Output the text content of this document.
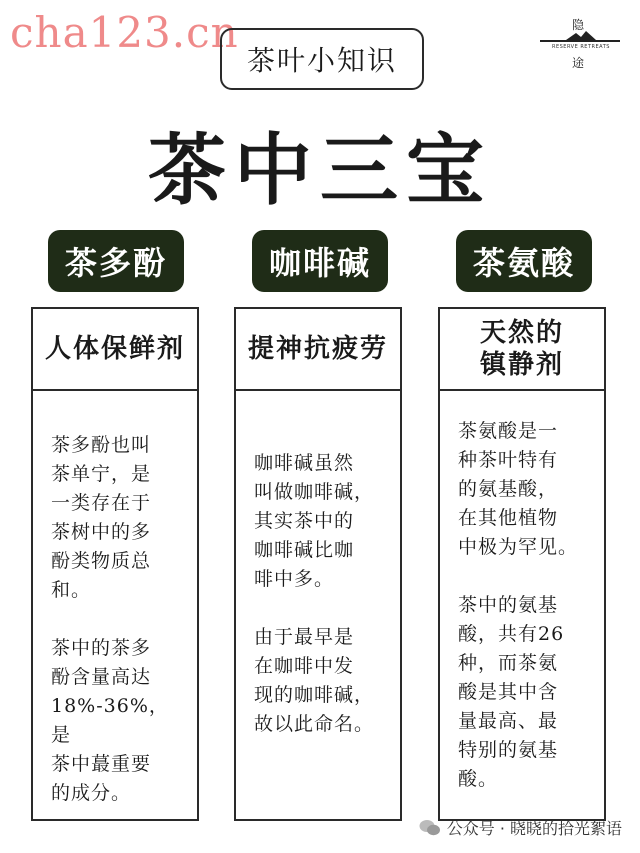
cha123.cn
茶叶小知识
隐
RESERVE RETREATS
途
茶中三宝
茶多酚
人体保鲜剂

茶多酚也叫
茶单宁，是
一类存在于
茶树中的多
酚类物质总
和。

茶中的茶多
酚含量高达
18%-36%，是
茶中蕞重要
的成分。

咖啡碱
提神抗疲劳

咖啡碱虽然
叫做咖啡碱，
其实茶中的
咖啡碱比咖
啡中多。

由于最早是
在咖啡中发
现的咖啡碱，
故以此命名。

茶氨酸
天然的
镇静剂

茶氨酸是一
种茶叶特有
的氨基酸，
在其他植物
中极为罕见。

茶中的氨基
酸，共有26
种，而茶氨
酸是其中含
量最高、最
特别的氨基
酸。

公众号 · 晓晓的拾光絮语
